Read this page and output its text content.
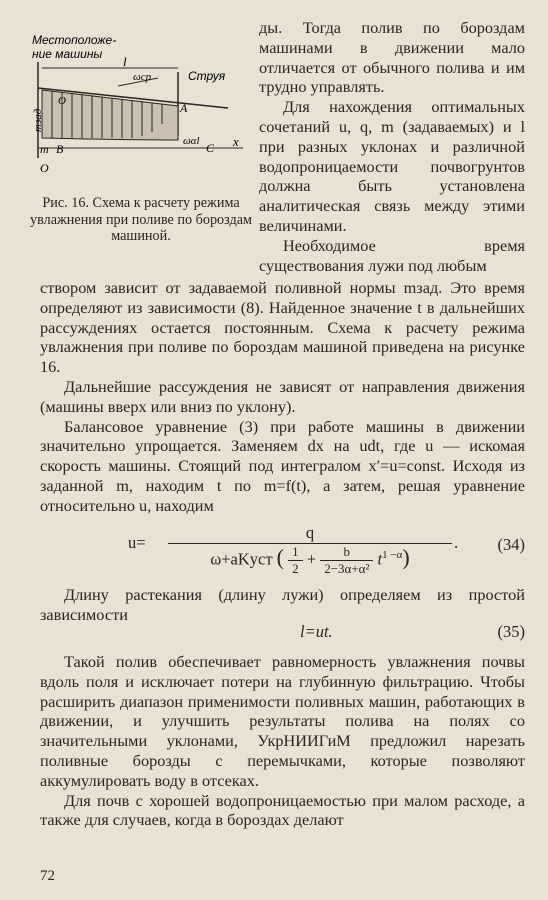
Местоположе-
ние машины l
ωср	Струя
mзад
A
ωαl C x
m B
O
O
Рис. 16. Схема к расчету режима увлажнения при поливе по бороздам машиной.

ды. Тогда полив по бороздам машинами в движении мало отличается от обычного полива и им трудно управлять.

Для нахождения оптимальных сочетаний u, q, m (задаваемых) и l при разных уклонах и различной водопроницаемости почвогрунтов должна быть установлена аналитическая связь между этими величинами.

Необходимое время существования лужи под любым

створом зависит от задаваемой поливной нормы mзад. Это время определяют из зависимости (8). Найденное значение t в дальнейших рассуждениях остается постоянным. Схема к расчету режима увлажнения при поливе по бороздам машиной приведена на рисунке 16.

Дальнейшие рассуждения не зависят от направления движения (машины вверх или вниз по уклону).

Балансовое уравнение (3) при работе машины в движении значительно упрощается. Заменяем dx на udt, где u — искомая скорость машины. Стоящий под интегралом x′=u=const. Исходя из заданной m, находим t по m=f(t), а затем, решая уравнение относительно u, находим

u=
q
ω+aKуст ( $\frac{1}{2} + \frac{b}{\text{2−3α+α²}} t^{1 -\alpha}$)
. (34)

Длину растекания (длину лужи) определяем из простой зависимости

l=ut.	(35)

Такой полив обеспечивает равномерность увлажнения почвы вдоль поля и исключает потери на глубинную фильтрацию. Чтобы расширить диапазон применимости поливных машин, работающих в движении, и улучшить результаты полива на полях со значительными уклонами, УкрНИИГиМ предложил нарезать поливные борозды с перемычками, которые позволяют аккумулировать воду в отсеках.

Для почв с хорошей водопроницаемостью при малом расходе, а также для случаев, когда в бороздах делают

72
